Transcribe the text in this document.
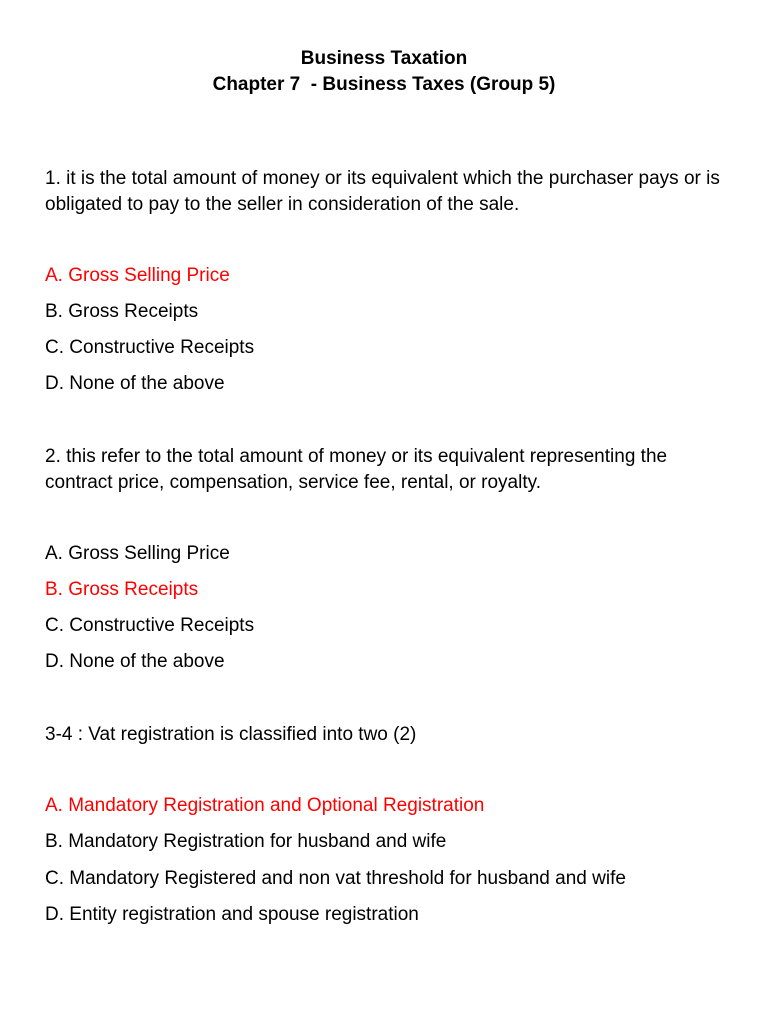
Business Taxation
Chapter 7  - Business Taxes (Group 5)
1. it is the total amount of money or its equivalent which the purchaser pays or is obligated to pay to the seller in consideration of the sale.
A. Gross Selling Price
B. Gross Receipts
C. Constructive Receipts
D. None of the above
2. this refer to the total amount of money or its equivalent representing the contract price, compensation, service fee, rental, or royalty.
A. Gross Selling Price
B. Gross Receipts
C. Constructive Receipts
D. None of the above
3-4 : Vat registration is classified into two (2)
A. Mandatory Registration and Optional Registration
B. Mandatory Registration for husband and wife
C. Mandatory Registered and non vat threshold for husband and wife
D. Entity registration and spouse registration
